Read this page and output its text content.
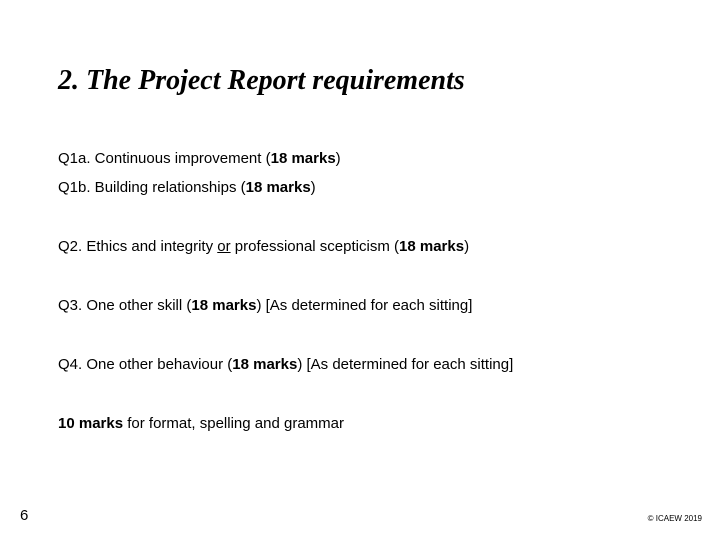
2. The Project Report requirements
Q1a. Continuous improvement (18 marks)
Q1b. Building relationships (18 marks)
Q2. Ethics and integrity or professional scepticism (18 marks)
Q3. One other skill (18 marks) [As determined for each sitting]
Q4. One other behaviour (18 marks) [As determined for each sitting]
10 marks for format, spelling and grammar
6	© ICAEW 2019
